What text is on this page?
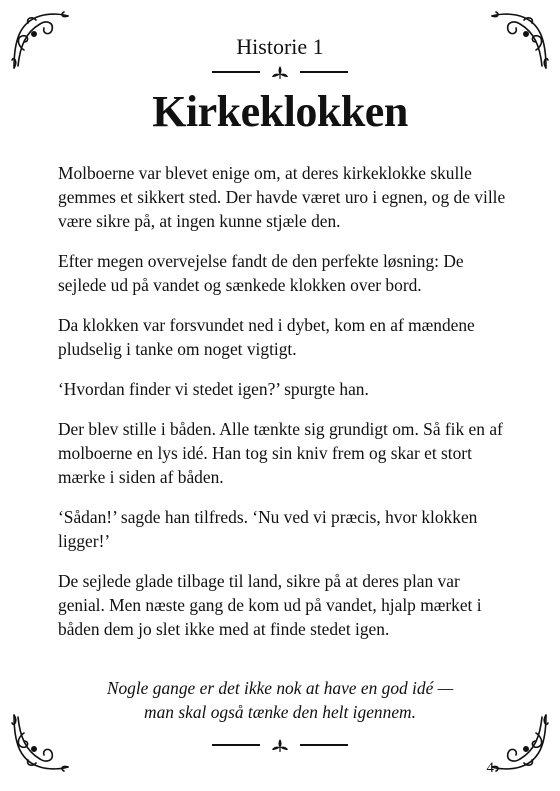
Historie 1
Kirkeklokken

Molboerne var blevet enige om, at deres kirkeklokke skulle gemmes et sikkert sted. Der havde været uro i egnen, og de ville være sikre på, at ingen kunne stjæle den.

Efter megen overvejelse fandt de den perfekte løsning: De sejlede ud på vandet og sænkede klokken over bord.

Da klokken var forsvundet ned i dybet, kom en af mændene pludselig i tanke om noget vigtigt.

‘Hvordan finder vi stedet igen?’ spurgte han.

Der blev stille i båden. Alle tænkte sig grundigt om. Så fik en af molboerne en lys idé. Han tog sin kniv frem og skar et stort mærke i siden af båden.

‘Sådan!’ sagde han tilfreds. ‘Nu ved vi præcis, hvor klokken ligger!’

De sejlede glade tilbage til land, sikre på at deres plan var genial. Men næste gang de kom ud på vandet, hjalp mærket i båden dem jo slet ikke med at finde stedet igen.

Nogle gange er det ikke nok at have en god idé —
man skal også tænke den helt igennem.
4
